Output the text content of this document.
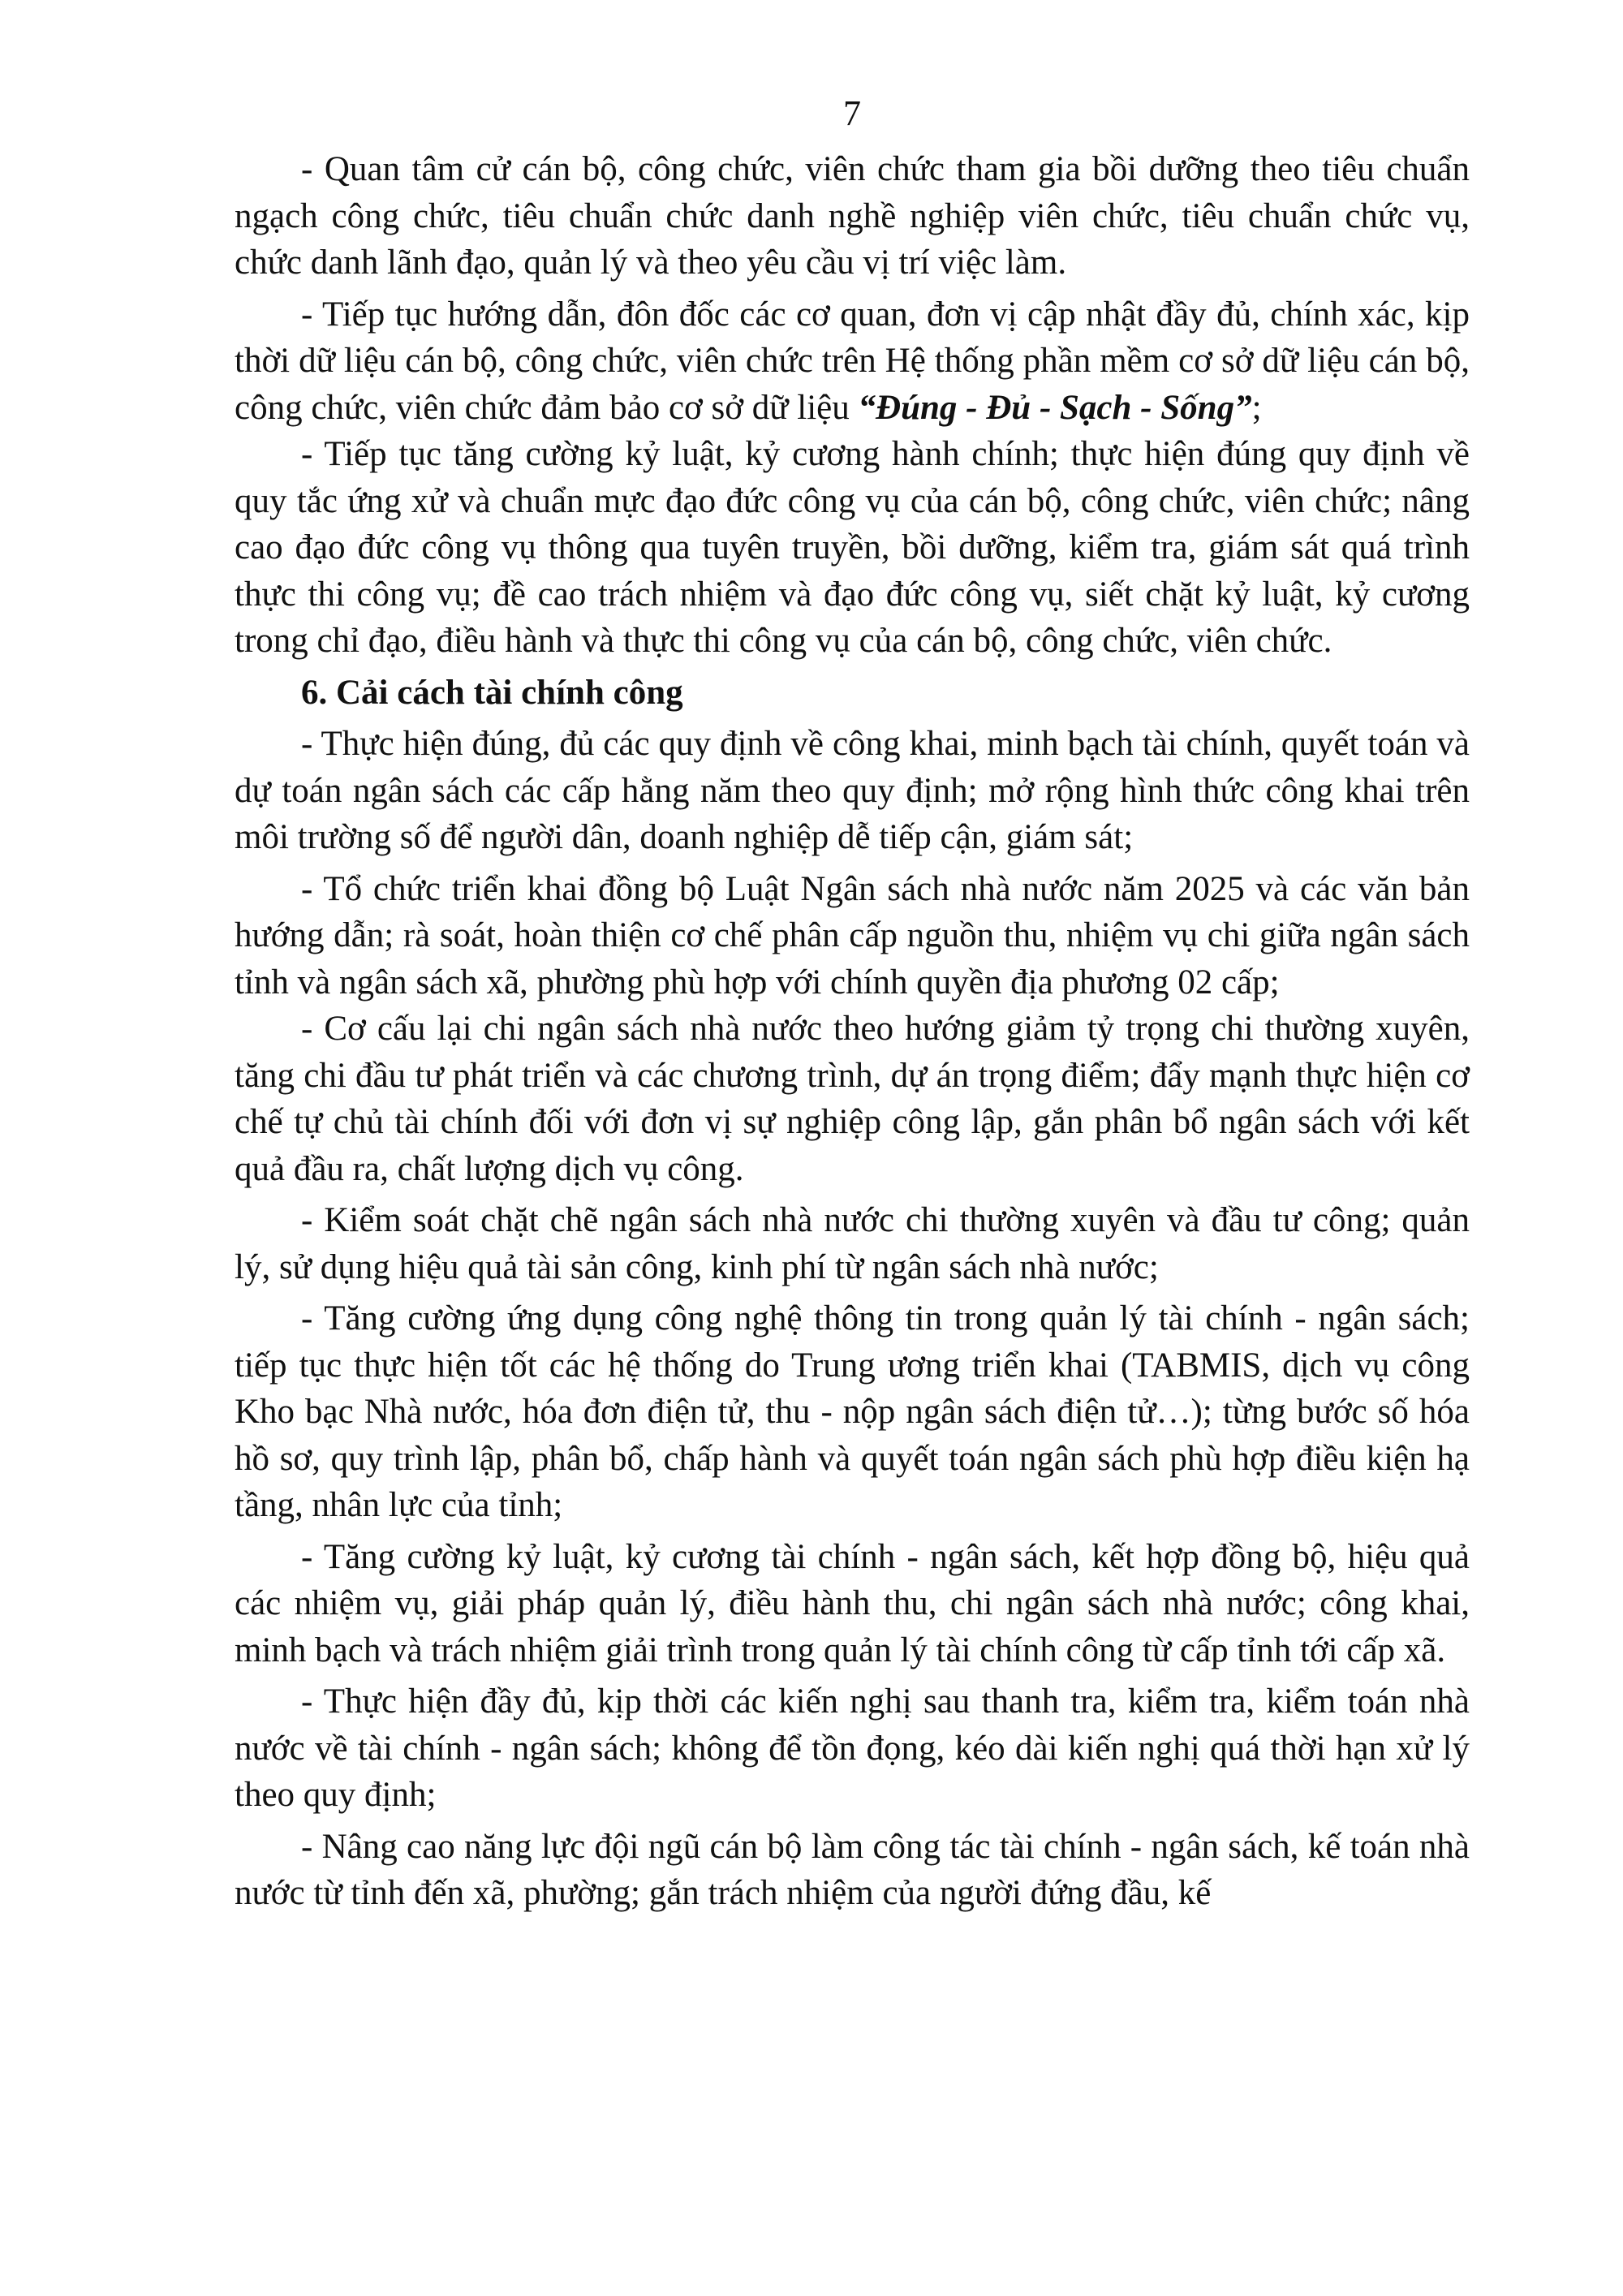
7

- Quan tâm cử cán bộ, công chức, viên chức tham gia bồi dưỡng theo tiêu chuẩn ngạch công chức, tiêu chuẩn chức danh nghề nghiệp viên chức, tiêu chuẩn chức vụ, chức danh lãnh đạo, quản lý và theo yêu cầu vị trí việc làm.

- Tiếp tục hướng dẫn, đôn đốc các cơ quan, đơn vị cập nhật đầy đủ, chính xác, kịp thời dữ liệu cán bộ, công chức, viên chức trên Hệ thống phần mềm cơ sở dữ liệu cán bộ, công chức, viên chức đảm bảo cơ sở dữ liệu “Đúng - Đủ - Sạch - Sống”;

- Tiếp tục tăng cường kỷ luật, kỷ cương hành chính; thực hiện đúng quy định về quy tắc ứng xử và chuẩn mực đạo đức công vụ của cán bộ, công chức, viên chức; nâng cao đạo đức công vụ thông qua tuyên truyền, bồi dưỡng, kiểm tra, giám sát quá trình thực thi công vụ; đề cao trách nhiệm và đạo đức công vụ, siết chặt kỷ luật, kỷ cương trong chỉ đạo, điều hành và thực thi công vụ của cán bộ, công chức, viên chức.

6. Cải cách tài chính công

- Thực hiện đúng, đủ các quy định về công khai, minh bạch tài chính, quyết toán và dự toán ngân sách các cấp hằng năm theo quy định; mở rộng hình thức công khai trên môi trường số để người dân, doanh nghiệp dễ tiếp cận, giám sát;

- Tổ chức triển khai đồng bộ Luật Ngân sách nhà nước năm 2025 và các văn bản hướng dẫn; rà soát, hoàn thiện cơ chế phân cấp nguồn thu, nhiệm vụ chi giữa ngân sách tỉnh và ngân sách xã, phường phù hợp với chính quyền địa phương 02 cấp;

- Cơ cấu lại chi ngân sách nhà nước theo hướng giảm tỷ trọng chi thường xuyên, tăng chi đầu tư phát triển và các chương trình, dự án trọng điểm; đẩy mạnh thực hiện cơ chế tự chủ tài chính đối với đơn vị sự nghiệp công lập, gắn phân bổ ngân sách với kết quả đầu ra, chất lượng dịch vụ công.

- Kiểm soát chặt chẽ ngân sách nhà nước chi thường xuyên và đầu tư công; quản lý, sử dụng hiệu quả tài sản công, kinh phí từ ngân sách nhà nước;

- Tăng cường ứng dụng công nghệ thông tin trong quản lý tài chính - ngân sách; tiếp tục thực hiện tốt các hệ thống do Trung ương triển khai (TABMIS, dịch vụ công Kho bạc Nhà nước, hóa đơn điện tử, thu - nộp ngân sách điện tử…); từng bước số hóa hồ sơ, quy trình lập, phân bổ, chấp hành và quyết toán ngân sách phù hợp điều kiện hạ tầng, nhân lực của tỉnh;

- Tăng cường kỷ luật, kỷ cương tài chính - ngân sách, kết hợp đồng bộ, hiệu quả các nhiệm vụ, giải pháp quản lý, điều hành thu, chi ngân sách nhà nước; công khai, minh bạch và trách nhiệm giải trình trong quản lý tài chính công từ cấp tỉnh tới cấp xã.

- Thực hiện đầy đủ, kịp thời các kiến nghị sau thanh tra, kiểm tra, kiểm toán nhà nước về tài chính - ngân sách; không để tồn đọng, kéo dài kiến nghị quá thời hạn xử lý theo quy định;

- Nâng cao năng lực đội ngũ cán bộ làm công tác tài chính - ngân sách, kế toán nhà nước từ tỉnh đến xã, phường; gắn trách nhiệm của người đứng đầu, kế
